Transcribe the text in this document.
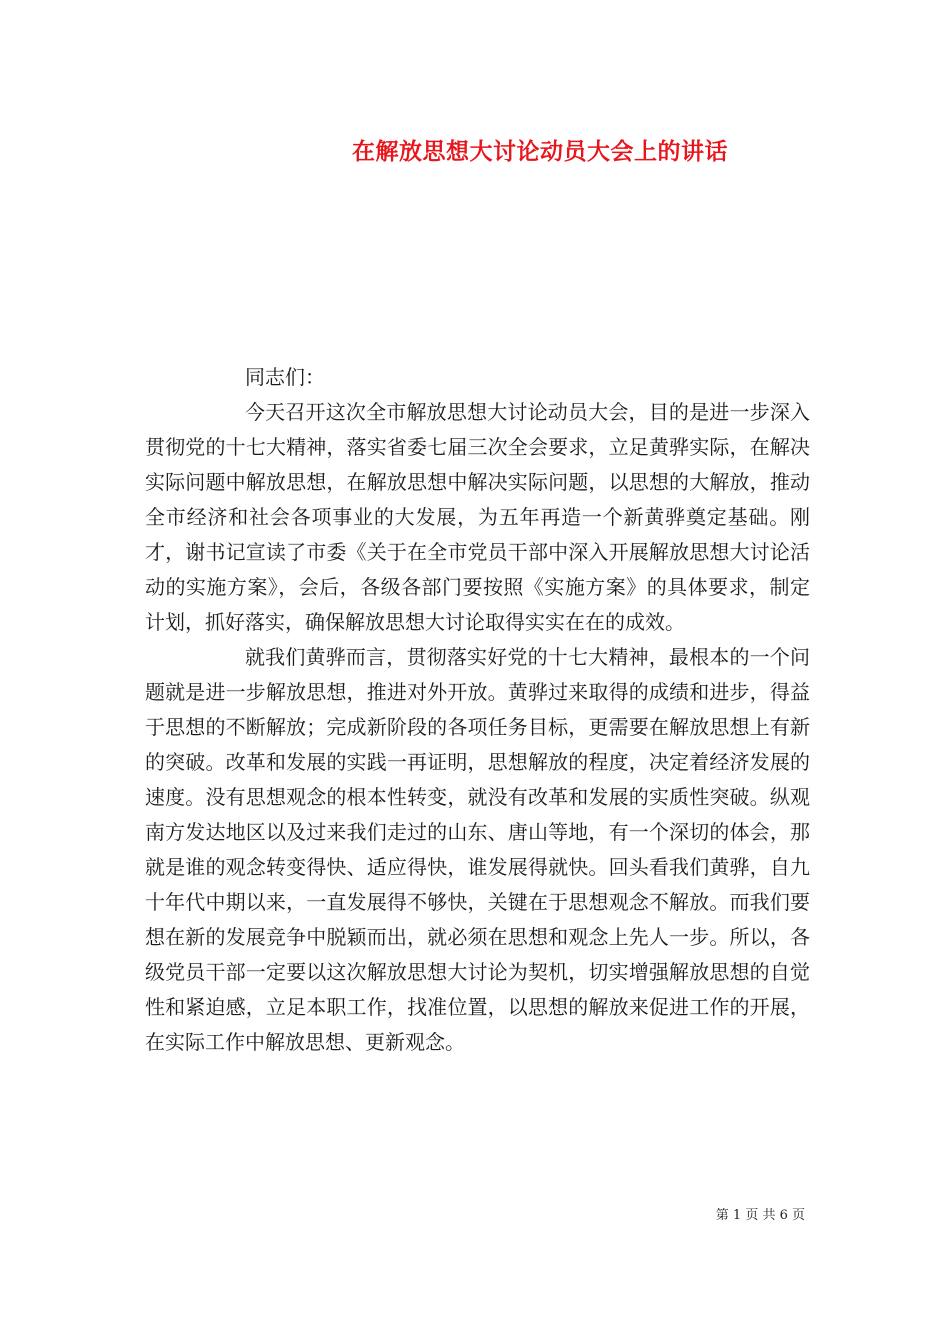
在解放思想大讨论动员大会上的讲话

同志们：

今天召开这次全市解放思想大讨论动员大会，目的是进一步深入贯彻党的十七大精神，落实省委七届三次全会要求，立足黄骅实际，在解决实际问题中解放思想，在解放思想中解决实际问题，以思想的大解放，推动全市经济和社会各项事业的大发展，为五年再造一个新黄骅奠定基础。刚才，谢书记宣读了市委《关于在全市党员干部中深入开展解放思想大讨论活动的实施方案》，会后，各级各部门要按照《实施方案》的具体要求，制定计划，抓好落实，确保解放思想大讨论取得实实在在的成效。

就我们黄骅而言，贯彻落实好党的十七大精神，最根本的一个问题就是进一步解放思想，推进对外开放。黄骅过来取得的成绩和进步，得益于思想的不断解放；完成新阶段的各项任务目标，更需要在解放思想上有新的突破。改革和发展的实践一再证明，思想解放的程度，决定着经济发展的速度。没有思想观念的根本性转变，就没有改革和发展的实质性突破。纵观南方发达地区以及过来我们走过的山东、唐山等地，有一个深切的体会，那就是谁的观念转变得快、适应得快，谁发展得就快。回头看我们黄骅，自九十年代中期以来，一直发展得不够快，关键在于思想观念不解放。而我们要想在新的发展竞争中脱颖而出，就必须在思想和观念上先人一步。所以，各级党员干部一定要以这次解放思想大讨论为契机，切实增强解放思想的自觉性和紧迫感，立足本职工作，找准位置，以思想的解放来促进工作的开展，在实际工作中解放思想、更新观念。

第 1 页 共 6 页
